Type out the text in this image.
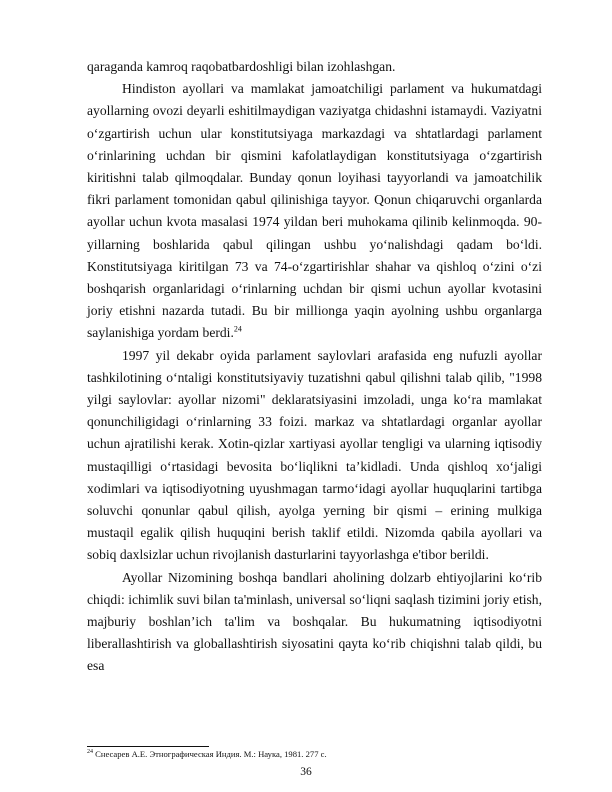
qaraganda kamroq raqobatbardoshligi bilan izohlashgan.

Hindiston ayollari va mamlakat jamoatchiligi parlament va hukumatdagi ayollarning ovozi deyarli eshitilmaydigan vaziyatga chidashni istamaydi. Vaziyatni o‘zgartirish uchun ular konstitutsiyaga markazdagi va shtatlardagi parlament o‘rinlarining uchdan bir qismini kafolatlaydigan konstitutsiyaga o‘zgartirish kiritishni talab qilmoqdalar. Bunday qonun loyihasi tayyorlandi va jamoatchilik fikri parlament tomonidan qabul qilinishiga tayyor. Qonun chiqaruvchi organlarda ayollar uchun kvota masalasi 1974 yildan beri muhokama qilinib kelinmoqda. 90-yillarning boshlarida qabul qilingan ushbu yo‘nalishdagi qadam bo‘ldi. Konstitutsiyaga kiritilgan 73 va 74-o‘zgartirishlar shahar va qishloq o‘zini o‘zi boshqarish organlaridagi o‘rinlarning uchdan bir qismi uchun ayollar kvotasini joriy etishni nazarda tutadi. Bu bir millionga yaqin ayolning ushbu organlarga saylanishiga yordam berdi.$^{24}$

1997 yil dekabr oyida parlament saylovlari arafasida eng nufuzli ayollar tashkilotining o‘ntaligi konstitutsiyaviy tuzatishni qabul qilishni talab qilib, "1998 yilgi saylovlar: ayollar nizomi" deklaratsiyasini imzoladi, unga ko‘ra mamlakat qonunchiligidagi o‘rinlarning 33 foizi. markaz va shtatlardagi organlar ayollar uchun ajratilishi kerak. Xotin-qizlar xartiyasi ayollar tengligi va ularning iqtisodiy mustaqilligi o‘rtasidagi bevosita bo‘liqlikni ta’kidladi. Unda qishloq xo‘jaligi xodimlari va iqtisodiyotning uyushmagan tarmo‘idagi ayollar huquqlarini tartibga soluvchi qonunlar qabul qilish, ayolga yerning bir qismi – erining mulkiga mustaqil egalik qilish huquqini berish taklif etildi. Nizomda qabila ayollari va sobiq daxlsizlar uchun rivojlanish dasturlarini tayyorlashga e'tibor berildi.

Ayollar Nizomining boshqa bandlari aholining dolzarb ehtiyojlarini ko‘rib chiqdi: ichimlik suvi bilan ta'minlash, universal so‘liqni saqlash tizimini joriy etish, majburiy boshlan’ich ta'lim va boshqalar. Bu hukumatning iqtisodiyotni liberallashtirish va globallashtirish siyosatini qayta ko‘rib chiqishni talab qildi, bu esa

$^{24}$ Снесарев А.Е. Этнографическая Индия. М.: Наука, 1981. 277 с.
36
